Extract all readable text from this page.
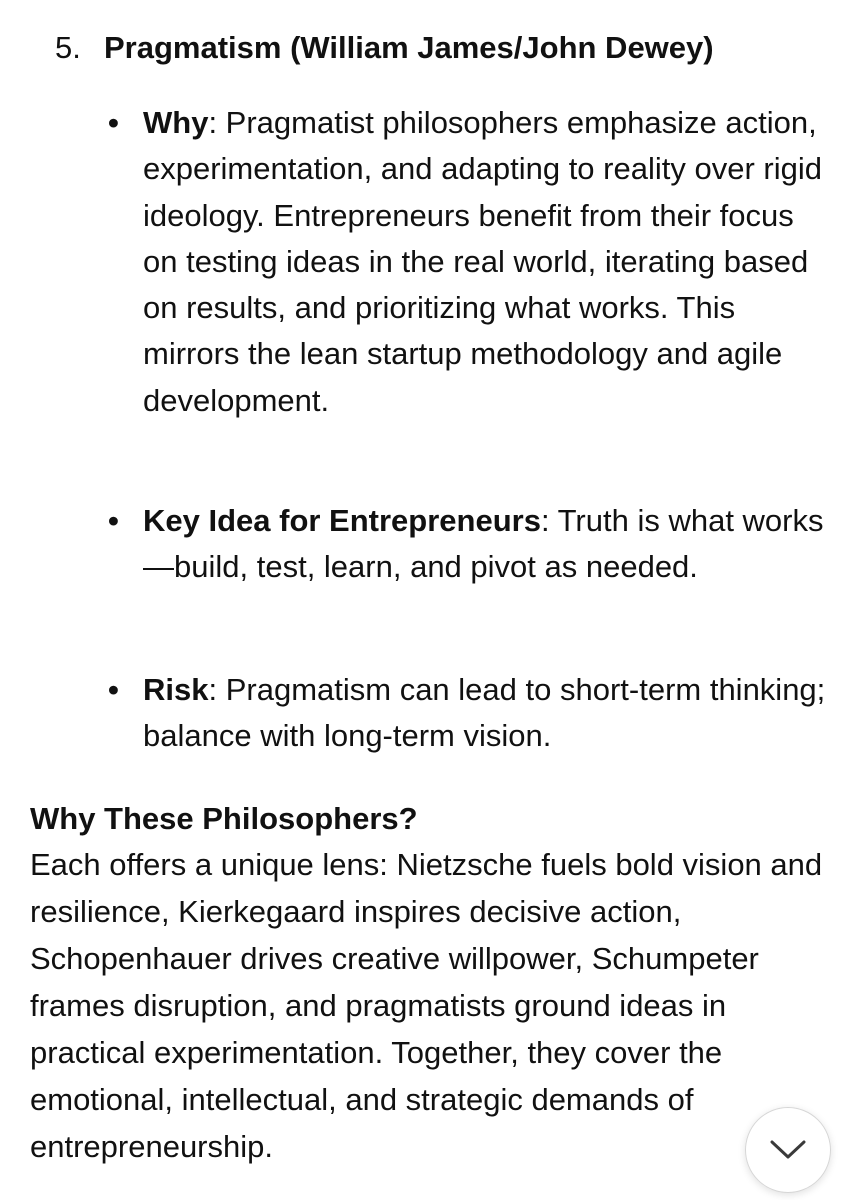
5. Pragmatism (William James/John Dewey)
• Why: Pragmatist philosophers emphasize action, experimentation, and adapting to reality over rigid ideology. Entrepreneurs benefit from their focus on testing ideas in the real world, iterating based on results, and prioritizing what works. This mirrors the lean startup methodology and agile development.
• Key Idea for Entrepreneurs: Truth is what works—build, test, learn, and pivot as needed.
• Risk: Pragmatism can lead to short-term thinking; balance with long-term vision.
Why These Philosophers?
Each offers a unique lens: Nietzsche fuels bold vision and resilience, Kierkegaard inspires decisive action, Schopenhauer drives creative willpower, Schumpeter frames disruption, and pragmatists ground ideas in practical experimentation. Together, they cover the emotional, intellectual, and strategic demands of entrepreneurship.
